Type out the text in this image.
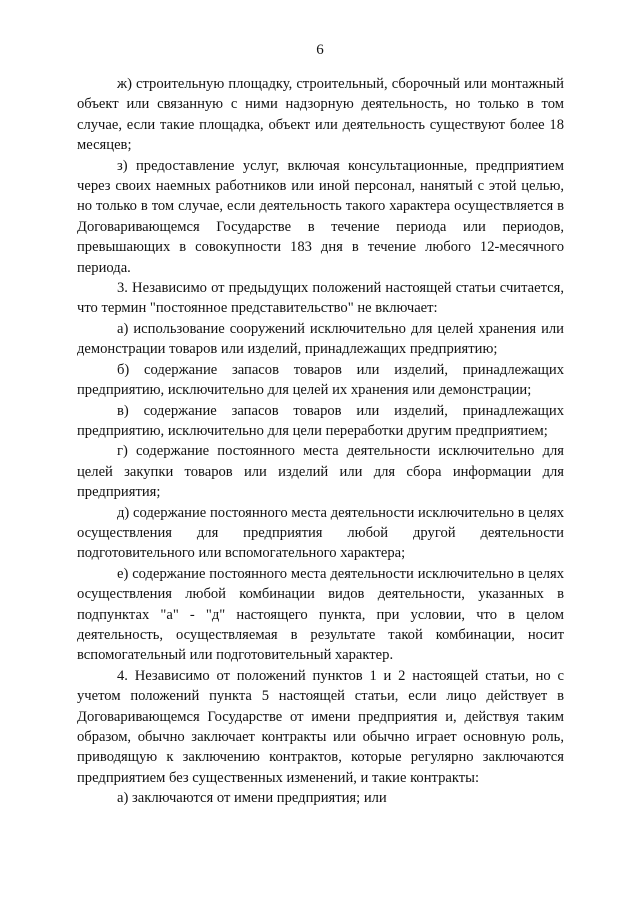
6

ж) строительную площадку, строительный, сборочный или монтажный объект или связанную с ними надзорную деятельность, но только в том случае, если такие площадка, объект или деятельность существуют более 18 месяцев;

з) предоставление услуг, включая консультационные, предприятием через своих наемных работников или иной персонал, нанятый с этой целью, но только в том случае, если деятельность такого характера осуществляется в Договаривающемся Государстве в течение периода или периодов, превышающих в совокупности 183 дня в течение любого 12-месячного периода.

3. Независимо от предыдущих положений настоящей статьи считается, что термин "постоянное представительство" не включает:

а) использование сооружений исключительно для целей хранения или демонстрации товаров или изделий, принадлежащих предприятию;

б) содержание запасов товаров или изделий, принадлежащих предприятию, исключительно для целей их хранения или демонстрации;

в) содержание запасов товаров или изделий, принадлежащих предприятию, исключительно для цели переработки другим предприятием;

г) содержание постоянного места деятельности исключительно для целей закупки товаров или изделий или для сбора информации для предприятия;

д) содержание постоянного места деятельности исключительно в целях осуществления для предприятия любой другой деятельности подготовительного или вспомогательного характера;

е) содержание постоянного места деятельности исключительно в целях осуществления любой комбинации видов деятельности, указанных в подпунктах "а" - "д" настоящего пункта, при условии, что в целом деятельность, осуществляемая в результате такой комбинации, носит вспомогательный или подготовительный характер.

4. Независимо от положений пунктов 1 и 2 настоящей статьи, но с учетом положений пункта 5 настоящей статьи, если лицо действует в Договаривающемся Государстве от имени предприятия и, действуя таким образом, обычно заключает контракты или обычно играет основную роль, приводящую к заключению контрактов, которые регулярно заключаются предприятием без существенных изменений, и такие контракты:

а) заключаются от имени предприятия; или
